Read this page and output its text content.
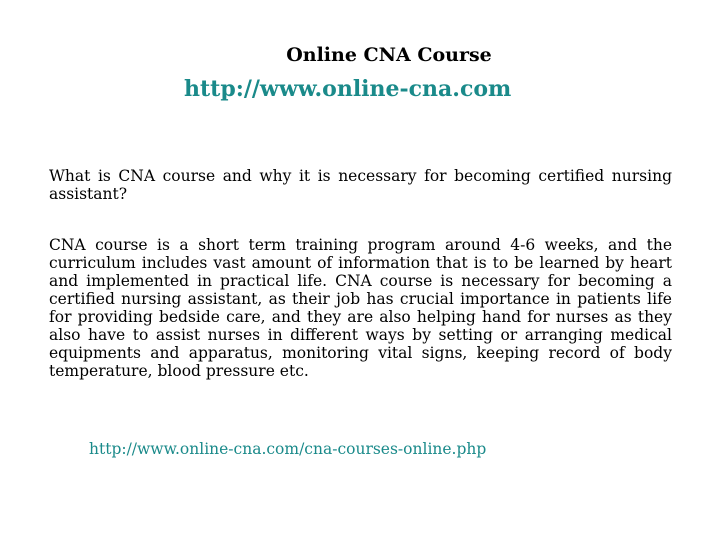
Online CNA Course
http://www.online-cna.com

What is CNA course and why it is necessary for becoming certified nursing assistant?

CNA course is a short term training program around 4-6 weeks, and the curriculum includes vast amount of information that is to be learned by heart and implemented in practical life. CNA course is necessary for becoming a certified nursing assistant, as their job has crucial importance in patients life for providing bedside care, and they are also helping hand for nurses as they also have to assist nurses in different ways by setting or arranging medical equipments and apparatus, monitoring vital signs, keeping record of body temperature, blood pressure etc.

http://www.online-cna.com/cna-courses-online.php
